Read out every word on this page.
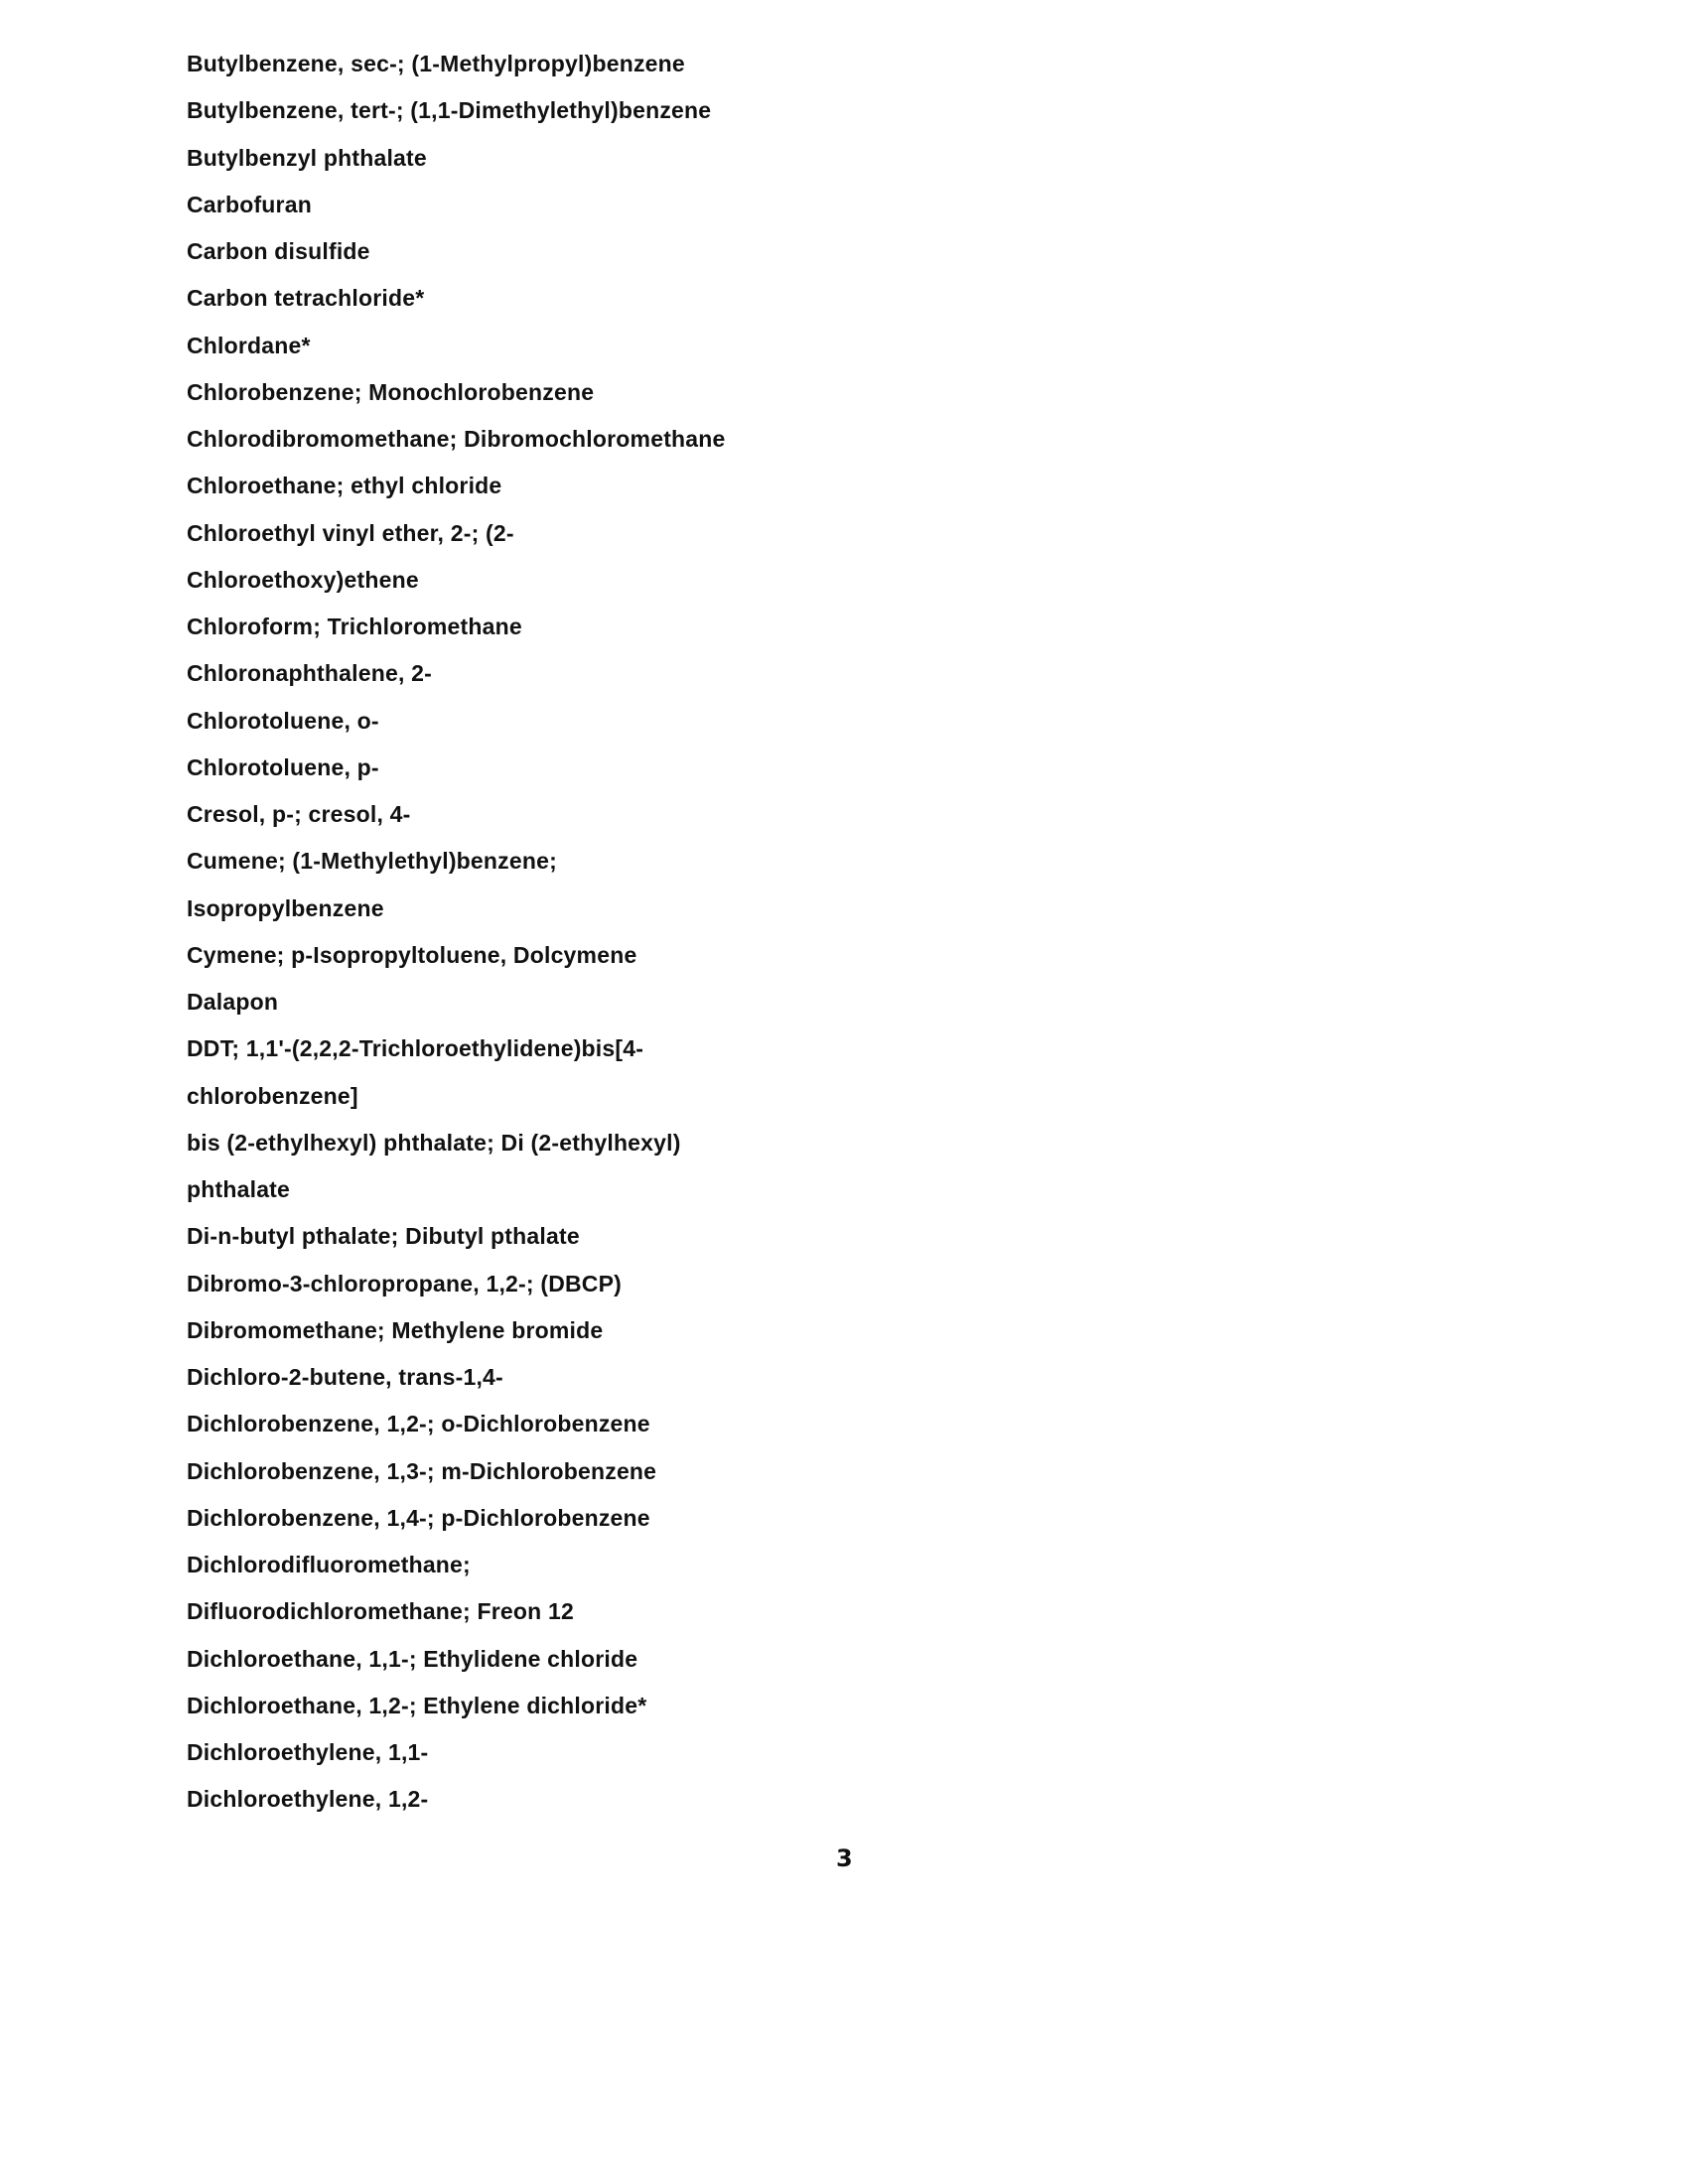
Butylbenzene, sec-; (1-Methylpropyl)benzene
Butylbenzene, tert-; (1,1-Dimethylethyl)benzene
Butylbenzyl phthalate
Carbofuran
Carbon disulfide
Carbon tetrachloride*
Chlordane*
Chlorobenzene; Monochlorobenzene
Chlorodibromomethane; Dibromochloromethane
Chloroethane; ethyl chloride
Chloroethyl vinyl ether, 2-; (2-
Chloroethoxy)ethene
Chloroform; Trichloromethane
Chloronaphthalene, 2-
Chlorotoluene, o-
Chlorotoluene, p-
Cresol, p-; cresol, 4-
Cumene; (1-Methylethyl)benzene;
Isopropylbenzene
Cymene; p-Isopropyltoluene, Dolcymene
Dalapon
DDT; 1,1'-(2,2,2-Trichloroethylidene)bis[4-
chlorobenzene]
bis (2-ethylhexyl) phthalate; Di (2-ethylhexyl)
phthalate
Di-n-butyl pthalate; Dibutyl pthalate
Dibromo-3-chloropropane, 1,2-; (DBCP)
Dibromomethane; Methylene bromide
Dichloro-2-butene, trans-1,4-
Dichlorobenzene, 1,2-; o-Dichlorobenzene
Dichlorobenzene, 1,3-; m-Dichlorobenzene
Dichlorobenzene, 1,4-; p-Dichlorobenzene
Dichlorodifluoromethane;
Difluorodichloromethane; Freon 12
Dichloroethane, 1,1-; Ethylidene chloride
Dichloroethane, 1,2-; Ethylene dichloride*
Dichloroethylene, 1,1-
Dichloroethylene, 1,2-
3
